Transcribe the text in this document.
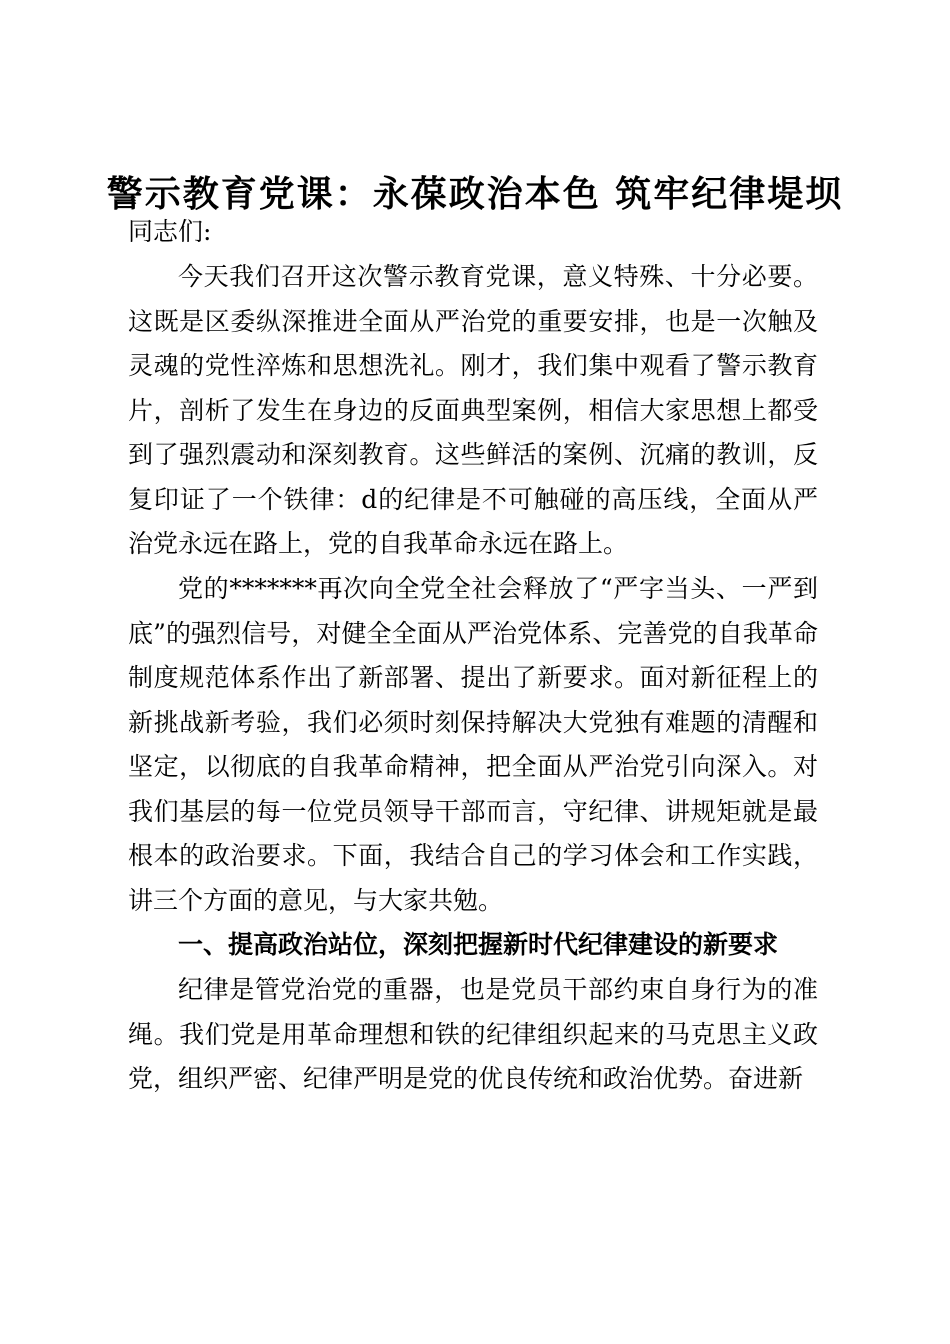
警示教育党课：永葆政治本色 筑牢纪律堤坝

同志们:

今天我们召开这次警示教育党课，意义特殊、十分必要。这既是区委纵深推进全面从严治党的重要安排，也是一次触及灵魂的党性淬炼和思想洗礼。刚才，我们集中观看了警示教育片，剖析了发生在身边的反面典型案例，相信大家思想上都受到了强烈震动和深刻教育。这些鲜活的案例、沉痛的教训，反复印证了一个铁律：d的纪律是不可触碰的高压线，全面从严治党永远在路上，党的自我革命永远在路上。

党的*******再次向全党全社会释放了“严字当头、一严到底”的强烈信号，对健全全面从严治党体系、完善党的自我革命制度规范体系作出了新部署、提出了新要求。面对新征程上的新挑战新考验，我们必须时刻保持解决大党独有难题的清醒和坚定，以彻底的自我革命精神，把全面从严治党引向深入。对我们基层的每一位党员领导干部而言，守纪律、讲规矩就是最根本的政治要求。下面，我结合自己的学习体会和工作实践，讲三个方面的意见，与大家共勉。

一、提高政治站位，深刻把握新时代纪律建设的新要求

纪律是管党治党的重器，也是党员干部约束自身行为的准绳。我们党是用革命理想和铁的纪律组织起来的马克思主义政党，组织严密、纪律严明是党的优良传统和政治优势。奋进新
